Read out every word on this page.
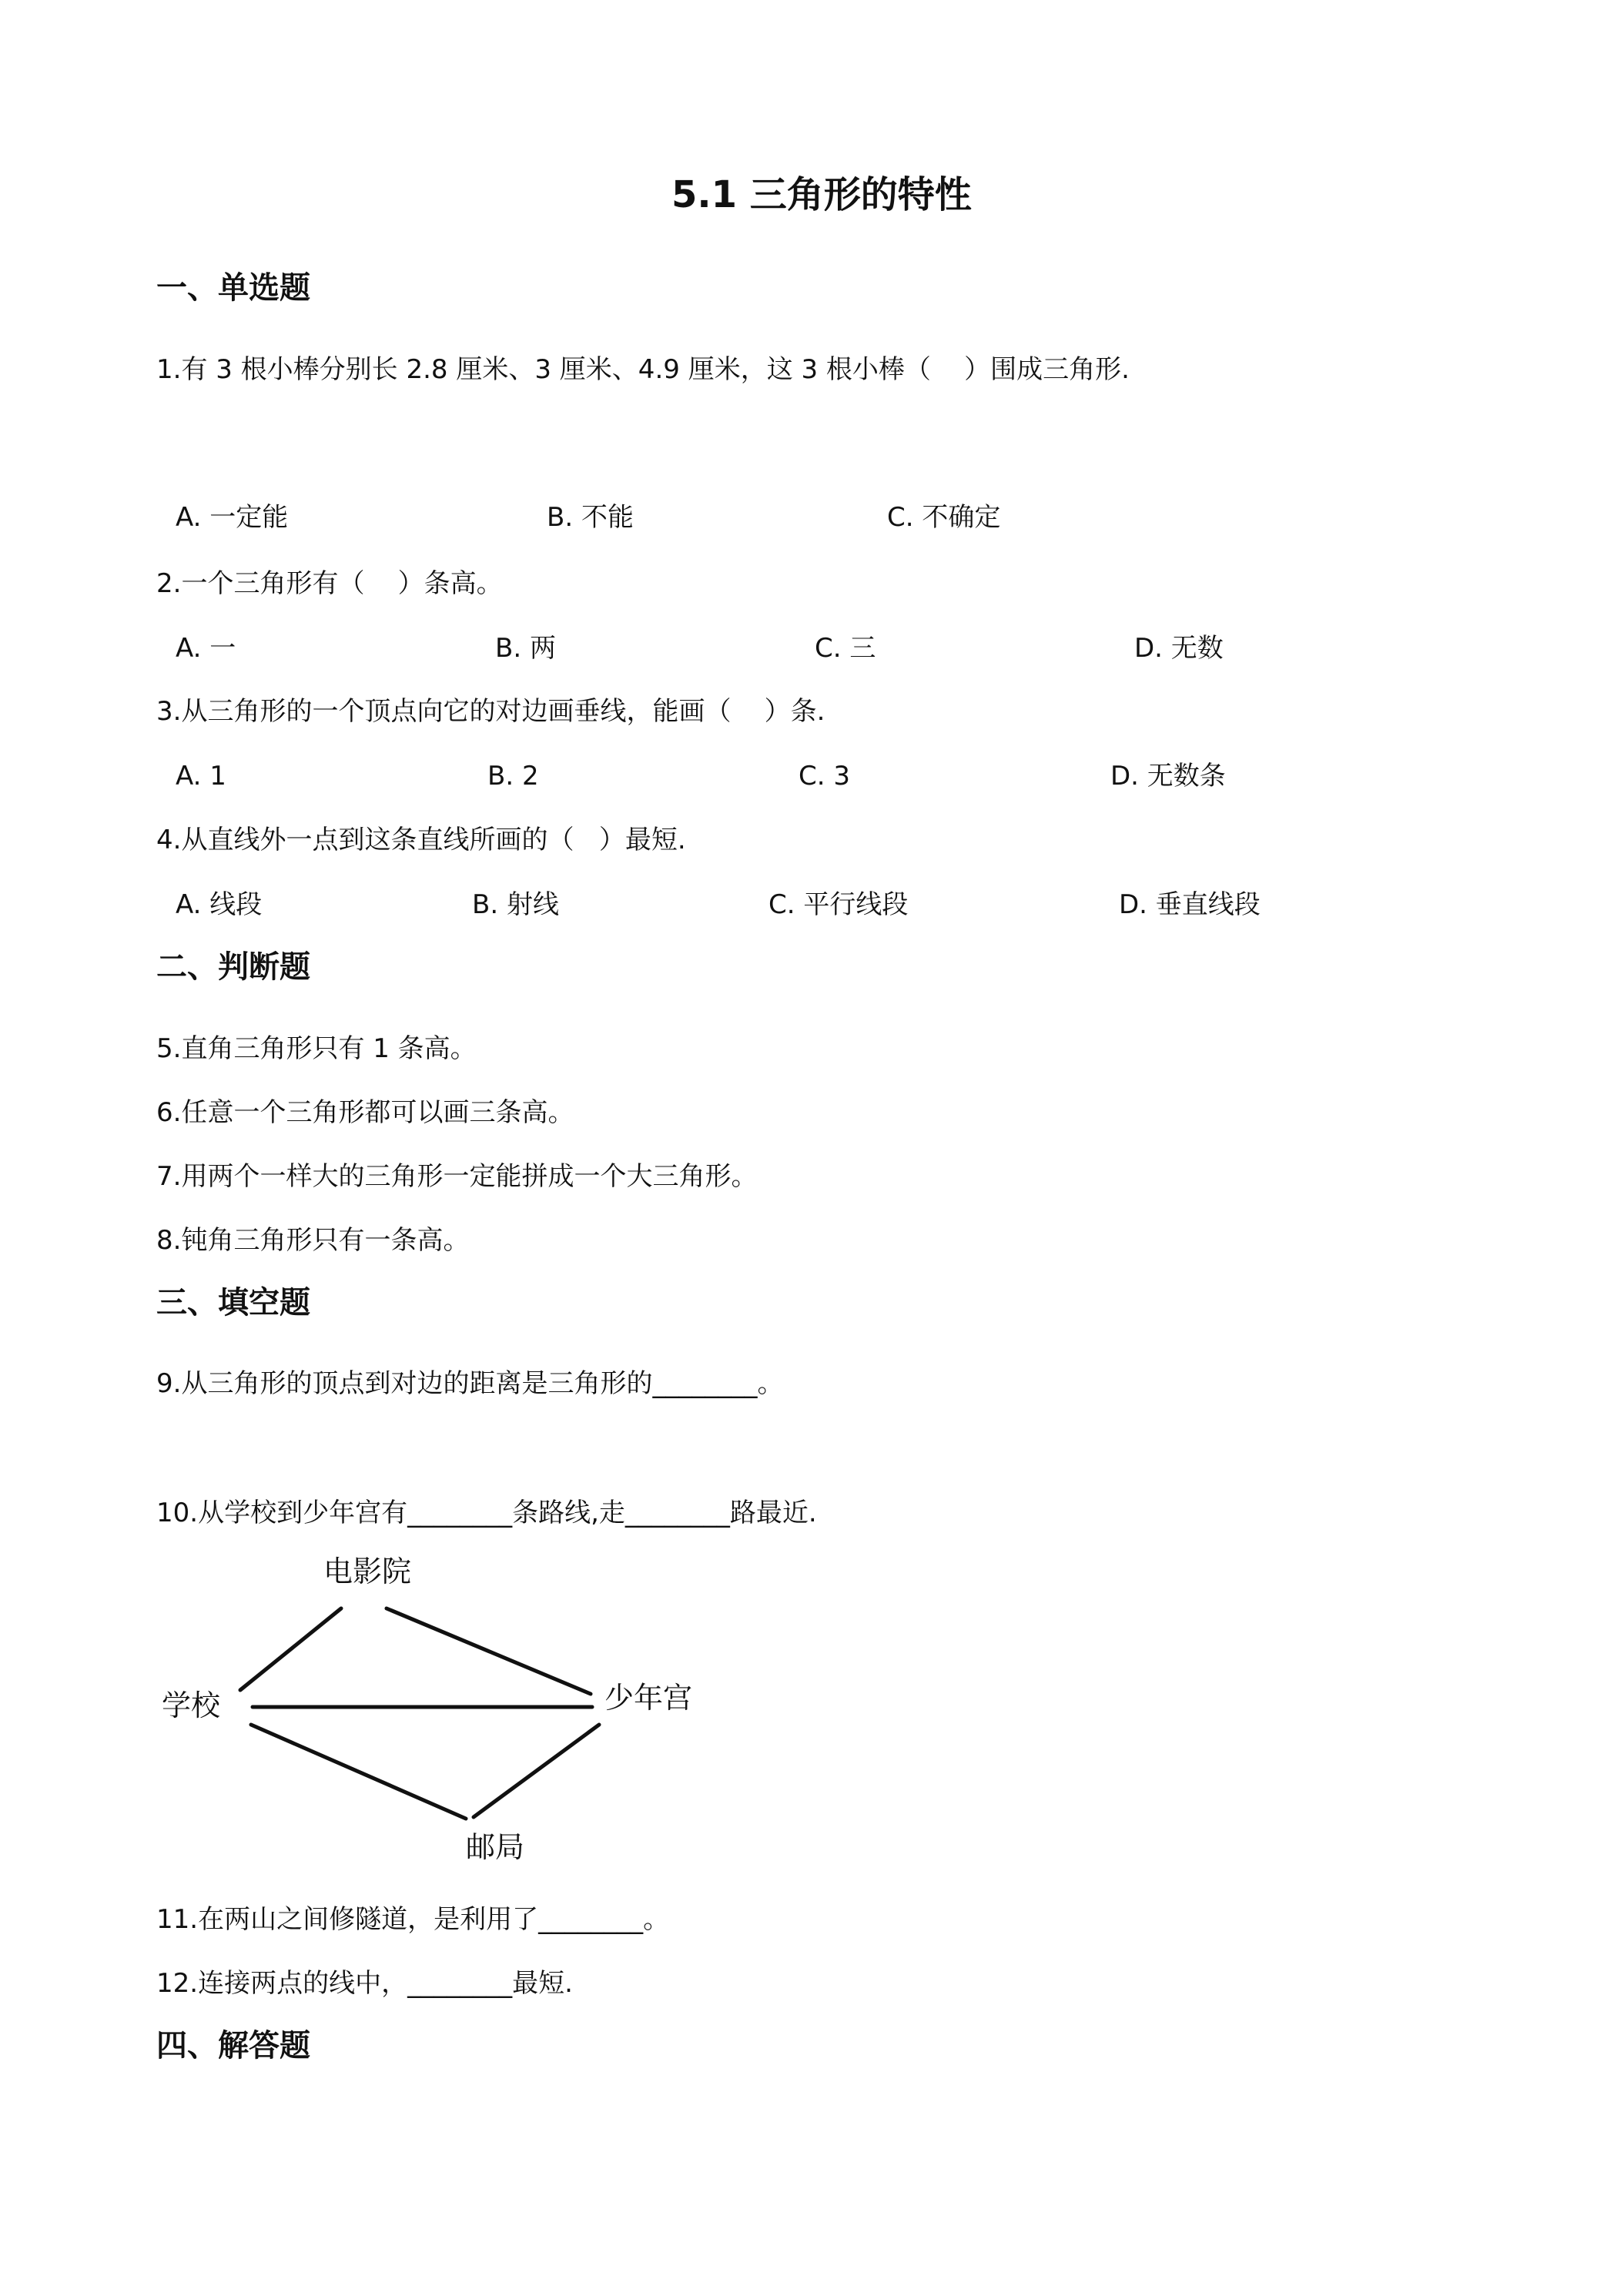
5.1 三角形的特性
一、单选题
1.有 3 根小棒分别长 2.8 厘米、3 厘米、4.9 厘米，这 3 根小棒（    ）围成三角形.
A. 一定能	B. 不能	C. 不确定
2.一个三角形有（    ）条高。
A. 一	B. 两	C. 三	D. 无数
3.从三角形的一个顶点向它的对边画垂线，能画（    ）条.
A. 1	B. 2	C. 3	D. 无数条
4.从直线外一点到这条直线所画的（   ）最短.
A. 线段	B. 射线	C. 平行线段	D. 垂直线段
二、判断题
5.直角三角形只有 1 条高。
6.任意一个三角形都可以画三条高。
7.用两个一样大的三角形一定能拼成一个大三角形。
8.钝角三角形只有一条高。
三、填空题
9.从三角形的顶点到对边的距离是三角形的________。
10.从学校到少年宫有________条路线,走________路最近.
电影院
学校	少年宫
邮局
11.在两山之间修隧道，是利用了________。
12.连接两点的线中，________最短.
四、解答题
